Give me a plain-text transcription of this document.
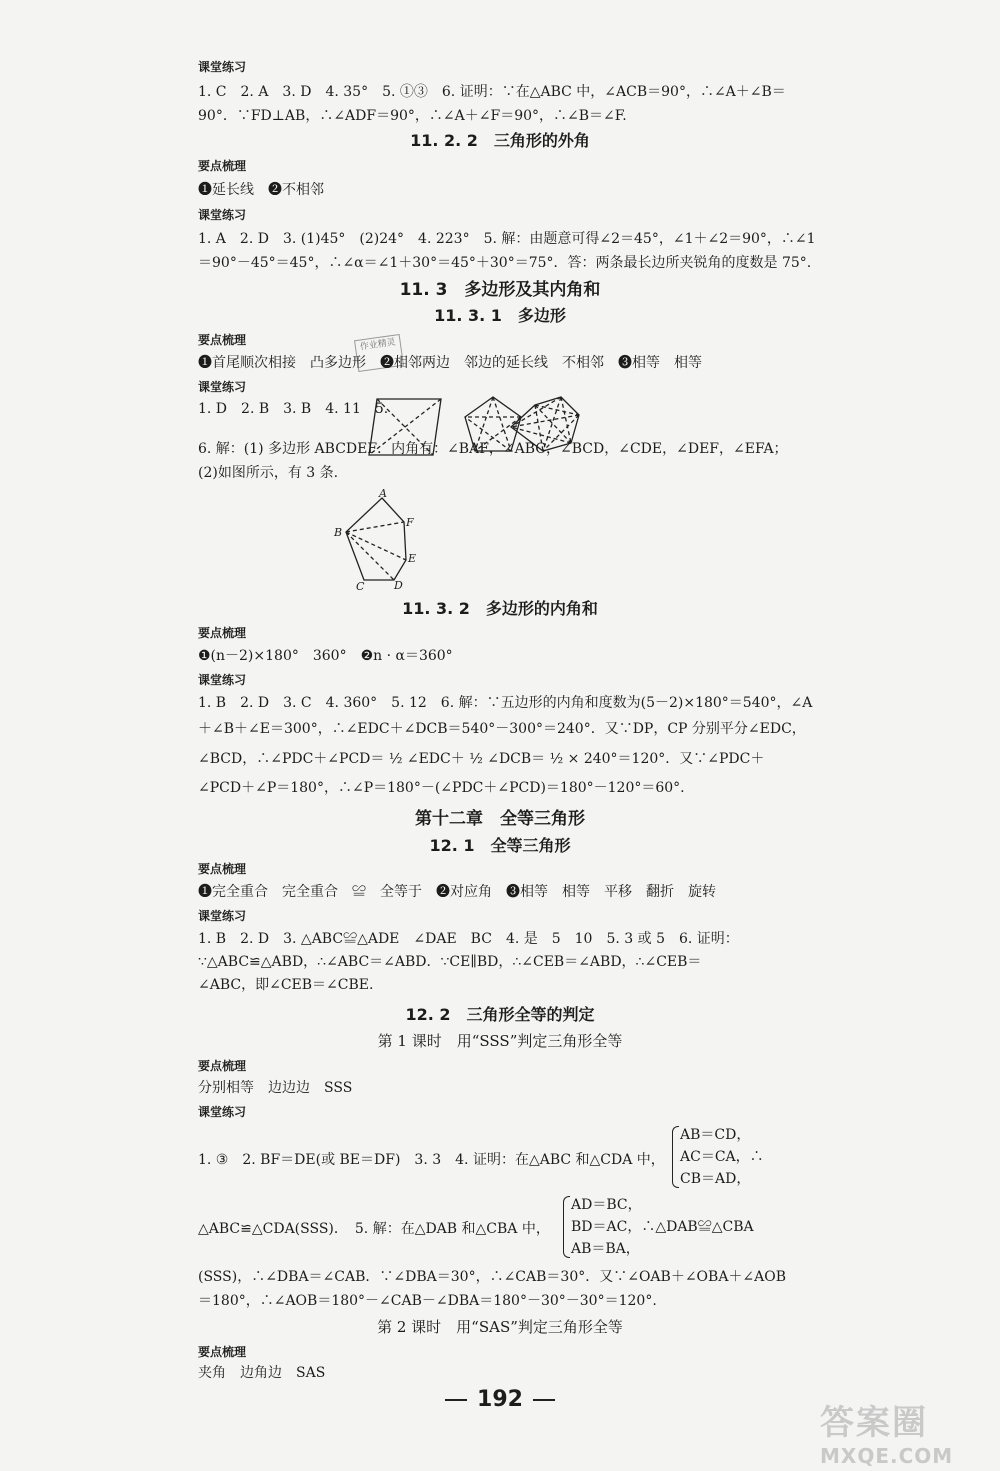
课堂练习
1. C　2. A　3. D　4. 35°　5. ①③　6. 证明：∵在△ABC 中，∠ACB＝90°，∴∠A＋∠B＝
90°．∵FD⊥AB，∴∠ADF＝90°，∴∠A＋∠F＝90°，∴∠B＝∠F.
11. 2. 2　三角形的外角
要点梳理
❶延长线　❷不相邻
课堂练习
1. A　2. D　3. (1)45°　(2)24°　4. 223°　5. 解：由题意可得∠2＝45°，∠1＋∠2＝90°，∴∠1
＝90°－45°＝45°，∴∠α＝∠1＋30°＝45°＋30°＝75°．答：两条最长边所夹锐角的度数是 75°.
11. 3　多边形及其内角和
11. 3. 1　多边形
作业精灵
要点梳理
❶首尾顺次相接　凸多边形　❷相邻两边　邻边的延长线　不相邻　❸相等　相等
课堂练习
1. D　2. B　3. B　4. 11　5.
6. 解：(1) 多边形 ABCDEF．内角有：∠BAF，∠ABC，∠BCD，∠CDE，∠DEF，∠EFA；
(2)如图所示，有 3 条.
A
B
C	D
E
F
11. 3. 2　多边形的内角和
要点梳理
❶(n－2)×180°　360°　❷n · α＝360°
课堂练习
1. B　2. D　3. C　4. 360°　5. 12　6. 解：∵五边形的内角和度数为(5－2)×180°＝540°，∠A
＋∠B＋∠E＝300°，∴∠EDC＋∠DCB＝540°－300°＝240°．又∵DP，CP 分别平分∠EDC，
∠BCD，∴∠PDC＋∠PCD＝ ½ ∠EDC＋ ½ ∠DCB＝ ½ × 240°＝120°．又∵∠PDC＋
∠PCD＋∠P＝180°，∴∠P＝180°－(∠PDC＋∠PCD)＝180°－120°＝60°.
第十二章　全等三角形
12. 1　全等三角形
要点梳理
❶完全重合　完全重合　≌　全等于　❷对应角　❸相等　相等　平移　翻折　旋转
课堂练习
1. B　2. D　3. △ABC≌△ADE　∠DAE　BC　4. 是　5　10　5. 3 或 5　6. 证明：
∵△ABC≌△ABD，∴∠ABC＝∠ABD．∵CE∥BD，∴∠CEB＝∠ABD，∴∠CEB＝
∠ABC，即∠CEB＝∠CBE.
12. 2　三角形全等的判定
第 1 课时　用“SSS”判定三角形全等
要点梳理
分别相等　边边边　SSS
课堂练习
1. ③　2. BF＝DE(或 BE＝DF)　3. 3　4. 证明：在△ABC 和△CDA 中，
AB＝CD，
AC＝CA，∴
CB＝AD，
△ABC≌△CDA(SSS)．　5. 解：在△DAB 和△CBA 中，
AD＝BC，
BD＝AC，∴△DAB≌△CBA
AB＝BA，
(SSS)，∴∠DBA＝∠CAB．∵∠DBA＝30°，∴∠CAB＝30°．又∵∠OAB＋∠OBA＋∠AOB
＝180°，∴∠AOB＝180°－∠CAB－∠DBA＝180°－30°－30°＝120°.
第 2 课时　用“SAS”判定三角形全等
要点梳理
夹角　边角边　SAS
192
答案圈
MXQE.COM
